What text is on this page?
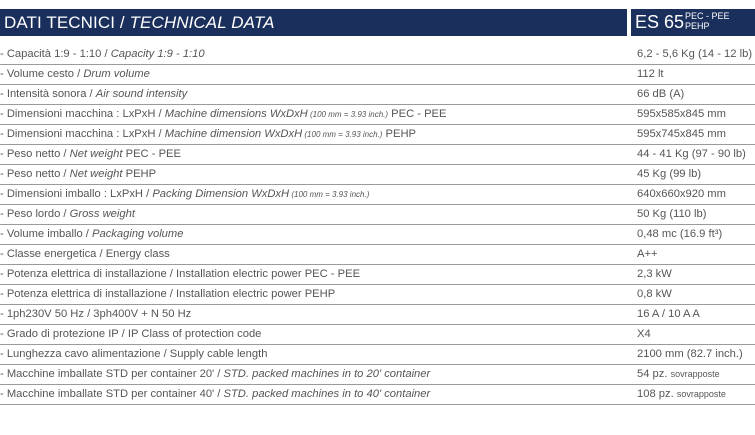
DATI TECNICI / TECHNICAL DATA	ES 65 PEC - PEE
PEHP
- Capacità 1:9 - 1:10 / Capacity 1:9 - 1:10	6,2 - 5,6 Kg (14 - 12 lb)
- Volume cesto / Drum volume	112 lt
- Intensità sonora / Air sound intensity	66 dB (A)
- Dimensioni macchina : LxPxH / Machine dimensions WxDxH (100 mm = 3.93 inch.) PEC - PEE	595x585x845 mm
- Dimensioni macchina : LxPxH / Machine dimension WxDxH (100 mm = 3.93 inch.) PEHP	595x745x845 mm
- Peso netto / Net weight PEC - PEE	44 - 41 Kg (97 - 90 lb)
- Peso netto / Net weight PEHP	45 Kg (99 lb)
- Dimensioni imballo : LxPxH / Packing Dimension WxDxH (100 mm = 3.93 inch.)	640x660x920 mm
- Peso lordo / Gross weight	50 Kg (110 lb)
- Volume imballo / Packaging volume	0,48 mc (16.9 ft³)
- Classe energetica / Energy class	A++
- Potenza elettrica di installazione / Installation electric power PEC - PEE	2,3 kW
- Potenza elettrica di installazione / Installation electric power PEHP	0,8 kW
- 1ph230V 50 Hz / 3ph400V + N 50 Hz	16 A / 10 A A
- Grado di protezione IP / IP Class of protection code	X4
- Lunghezza cavo alimentazione / Supply cable length	2100 mm (82.7 inch.)
- Macchine imballate STD per container 20' / STD. packed machines in to 20' container	54 pz. sovrapposte
- Macchine imballate STD per container 40' / STD. packed machines in to 40' container	108 pz. sovrapposte
